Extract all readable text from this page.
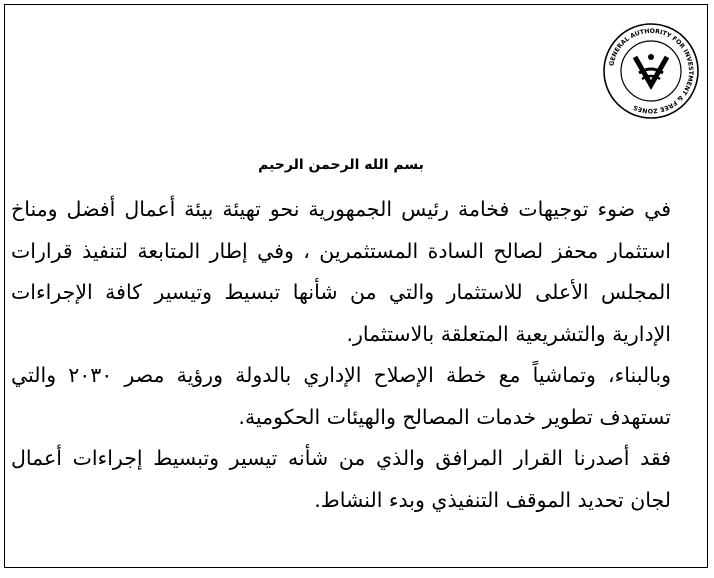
GENERAL AUTHORITY FOR INVESTMENT & FREE ZONES
بسم الله الرحمن الرحيم

في ضوء توجيهات فخامة رئيس الجمهورية نحو تهيئة بيئة أعمال أفضل ومناخ استثمار محفز لصالح السادة المستثمرين ، وفي إطار المتابعة لتنفيذ قرارات المجلس الأعلى للاستثمار والتي من شأنها تبسيط وتيسير كافة الإجراءات الإدارية والتشريعية المتعلقة بالاستثمار.

وبالبناء، وتماشياً مع خطة الإصلاح الإداري بالدولة ورؤية مصر ٢٠٣٠ والتي تستهدف تطوير خدمات المصالح والهيئات الحكومية.

فقد أصدرنا القرار المرافق والذي من شأنه تيسير وتبسيط إجراءات أعمال لجان تحديد الموقف التنفيذي وبدء النشاط.
